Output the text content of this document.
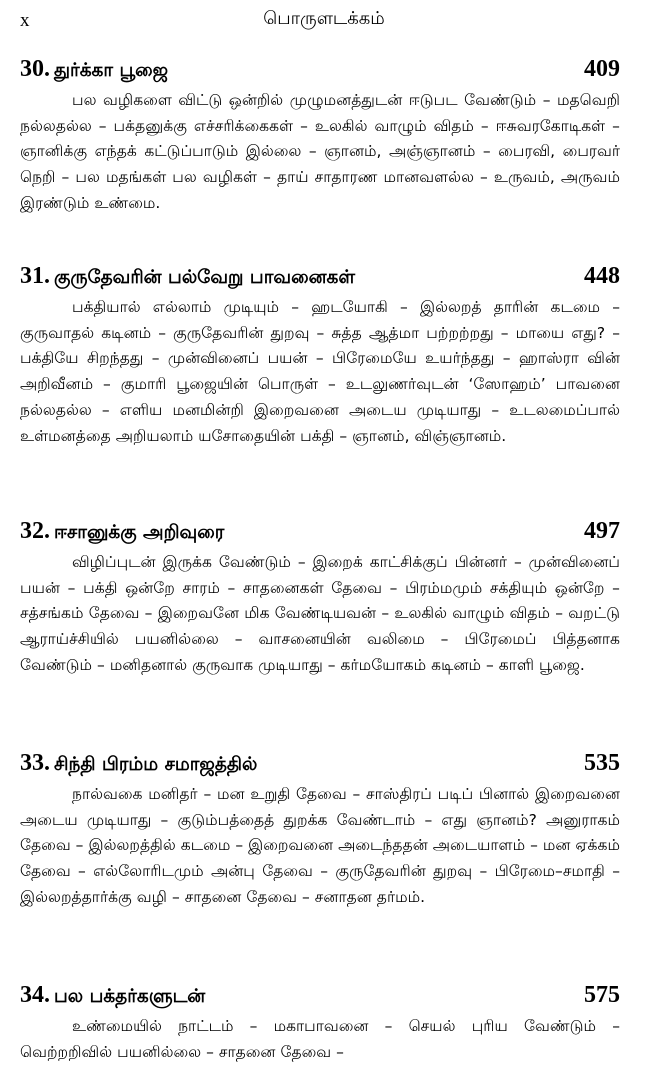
x	பொருளடக்கம்
30. துர்க்கா பூஜை	409
பல வழிகளை விட்டு ஒன்றில் முழுமனத்துடன் ஈடுபட வேண்டும் – மதவெறி நல்லதல்ல – பக்தனுக்கு எச்சரிக்கைகள் – உலகில் வாழும் விதம் – ஈசுவரகோடிகள் – ஞானிக்கு எந்தக் கட்டுப்பாடும் இல்லை – ஞானம், அஞ்ஞானம் – பைரவி, பைரவர் நெறி – பல மதங்கள் பல வழிகள் – தாய் சாதாரண மானவளல்ல – உருவம், அருவம் இரண்டும் உண்மை.
31. குருதேவரின் பல்வேறு பாவனைகள்	448
பக்தியால் எல்லாம் முடியும் – ஹடயோகி – இல்லறத் தாரின் கடமை – குருவாதல் கடினம் – குருதேவரின் துறவு – சுத்த ஆத்மா பற்றற்றது – மாயை எது? – பக்தியே சிறந்தது – முன்வினைப் பயன் – பிரேமையே உயர்ந்தது – ஹாஸ்ரா வின் அறிவீனம் – குமாரி பூஜையின் பொருள் – உடலுணர்வுடன் ‘ஸோஹம்’ பாவனை நல்லதல்ல – எளிய மனமின்றி இறைவனை அடைய முடியாது – உடலமைப்பால் உள்மனத்தை அறியலாம் யசோதையின் பக்தி – ஞானம், விஞ்ஞானம்.
32. ஈசானுக்கு அறிவுரை	497
விழிப்புடன் இருக்க வேண்டும் – இறைக் காட்சிக்குப் பின்னர் – முன்வினைப் பயன் – பக்தி ஒன்றே சாரம் – சாதனைகள் தேவை – பிரம்மமும் சக்தியும் ஒன்றே – சத்சங்கம் தேவை – இறைவனே மிக வேண்டியவன் – உலகில் வாழும் விதம் – வறட்டு ஆராய்ச்சியில் பயனில்லை – வாசனையின் வலிமை – பிரேமைப் பித்தனாக வேண்டும் – மனிதனால் குருவாக முடியாது – கர்மயோகம் கடினம் – காளி பூஜை.
33. சிந்தி பிரம்ம சமாஜத்தில்	535
நால்வகை மனிதர் – மன உறுதி தேவை – சாஸ்திரப் படிப் பினால் இறைவனை அடைய முடியாது – குடும்பத்தைத் துறக்க வேண்டாம் – எது ஞானம்? அனுராகம் தேவை – இல்லறத்தில் கடமை – இறைவனை அடைந்ததன் அடையாளம் – மன ஏக்கம் தேவை – எல்லோரிடமும் அன்பு தேவை – குருதேவரின் துறவு – பிரேமை–சமாதி – இல்லறத்தார்க்கு வழி – சாதனை தேவை – சனாதன தர்மம்.
34. பல பக்தர்களுடன்	575
உண்மையில் நாட்டம் – மகாபாவனை – செயல் புரிய வேண்டும் – வெற்றறிவில் பயனில்லை – சாதனை தேவை –
